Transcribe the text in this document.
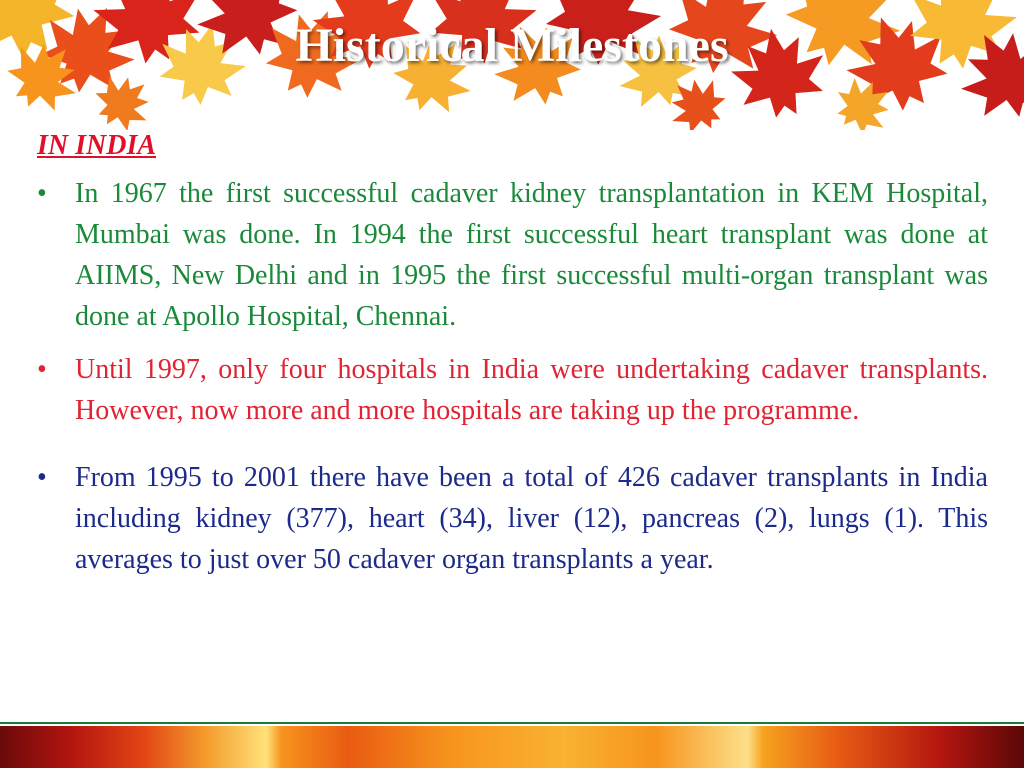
Historical Milestones
IN INDIA
• In 1967 the first successful cadaver kidney transplantation in KEM Hospital, Mumbai was done. In 1994 the first successful heart transplant was done at AIIMS, New Delhi and in 1995 the first successful multi-organ transplant was done at Apollo Hospital, Chennai.
• Until 1997, only four hospitals in India were undertaking cadaver transplants. However, now more and more hospitals are taking up the programme.
• From 1995 to 2001 there have been a total of 426 cadaver transplants in India including kidney (377), heart (34), liver (12), pancreas (2), lungs (1). This averages to just over 50 cadaver organ transplants a year.
